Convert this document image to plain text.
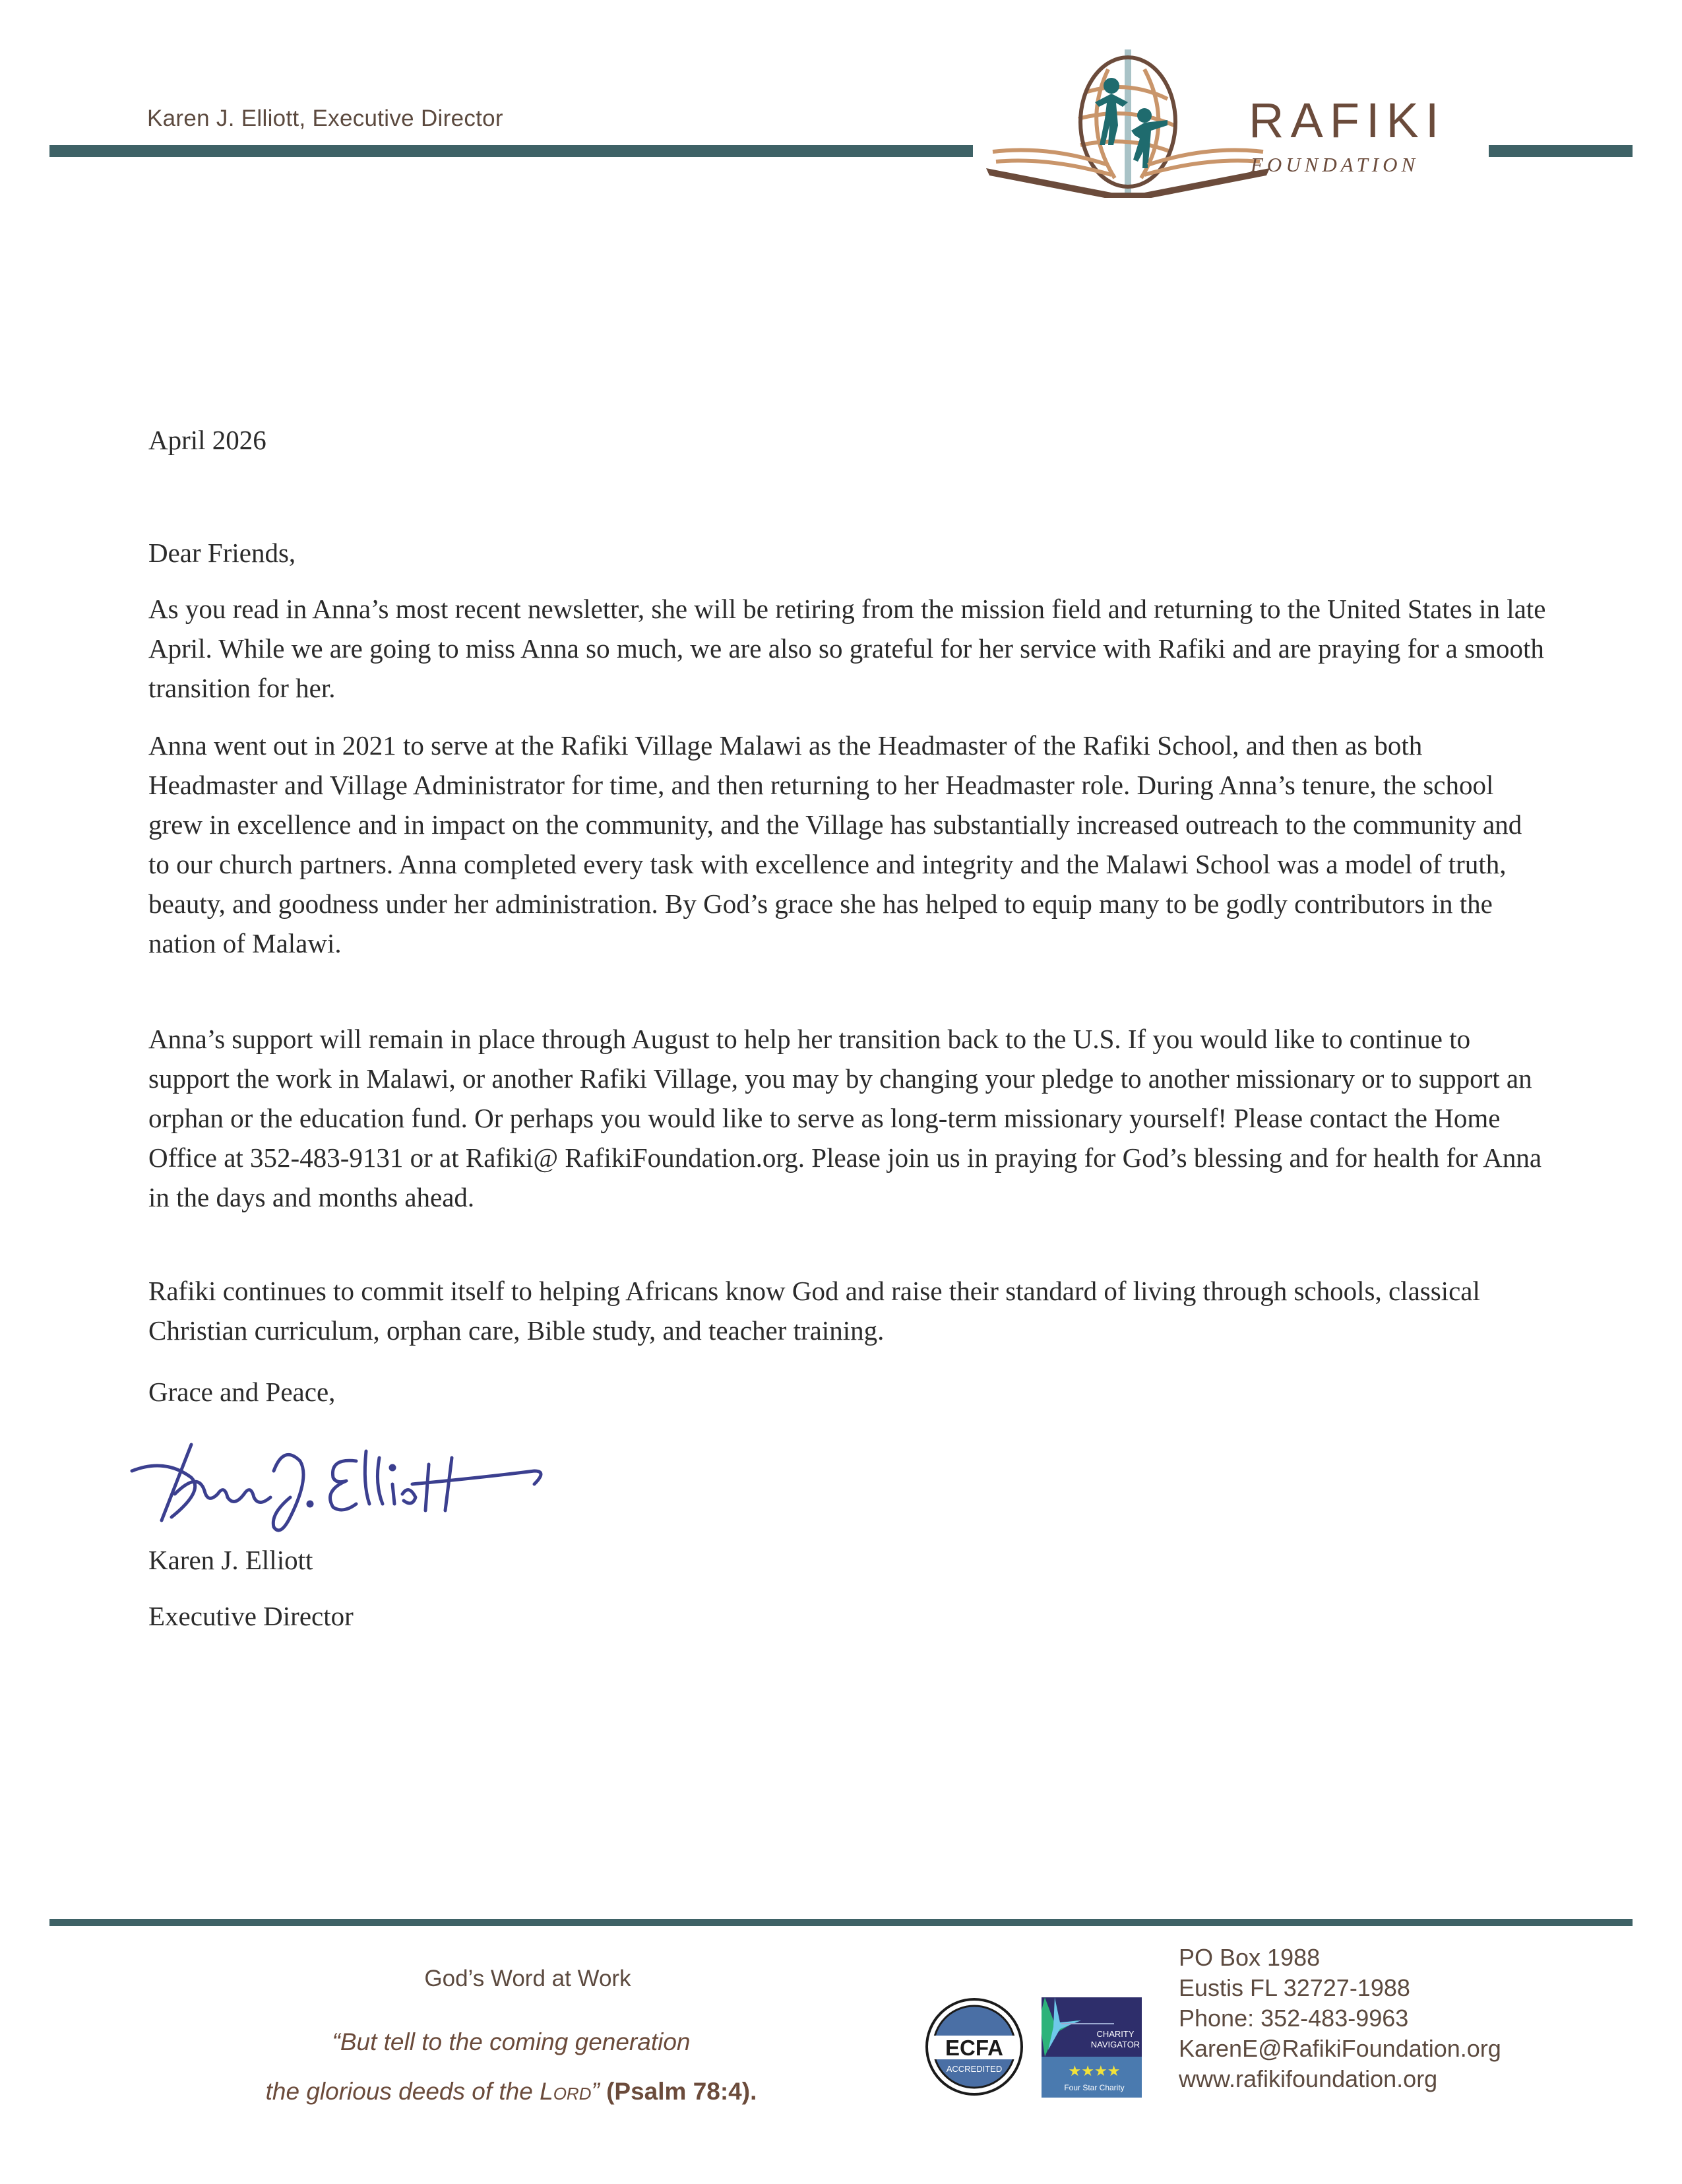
Karen J. Elliott, Executive Director	RAFIKI
FOUNDATION
April 2026
Dear Friends,

As you read in Anna’s most recent newsletter, she will be retiring from the mission field and returning to the United States in late April. While we are going to miss Anna so much, we are also so grateful for her service with Rafiki and are praying for a smooth transition for her.

Anna went out in 2021 to serve at the Rafiki Village Malawi as the Headmaster of the Rafiki School, and then as both Headmaster and Village Administrator for time, and then returning to her Headmaster role. During Anna’s tenure, the school grew in excellence and in impact on the community, and the Village has substantially increased outreach to the community and to our church partners. Anna completed every task with excellence and integrity and the Malawi School was a model of truth, beauty, and goodness under her administration. By God’s grace she has helped to equip many to be godly contributors in the nation of Malawi.

Anna’s support will remain in place through August to help her transition back to the U.S. If you would like to continue to support the work in Malawi, or another Rafiki Village, you may by changing your pledge to another missionary or to support an orphan or the education fund. Or perhaps you would like to serve as long-term missionary yourself! Please contact the Home Office at 352-483-9131 or at Rafiki@ RafikiFoundation.org. Please join us in praying for God’s blessing and for health for Anna in the days and months ahead.

Rafiki continues to commit itself to helping Africans know God and raise their standard of living through schools, classical Christian curriculum, orphan care, Bible study, and teacher training.

Grace and Peace,
Karen J. Elliott
Executive Director
God’s Word at Work
“But tell to the coming generation
the glorious deeds of the Lord” (Psalm 78:4).
ECFA
ACCREDITED
CHARITY
NAVIGATOR
★★★★
Four Star Charity
PO Box 1988
Eustis FL 32727-1988
Phone: 352-483-9963
KarenE@RafikiFoundation.org
www.rafikifoundation.org
